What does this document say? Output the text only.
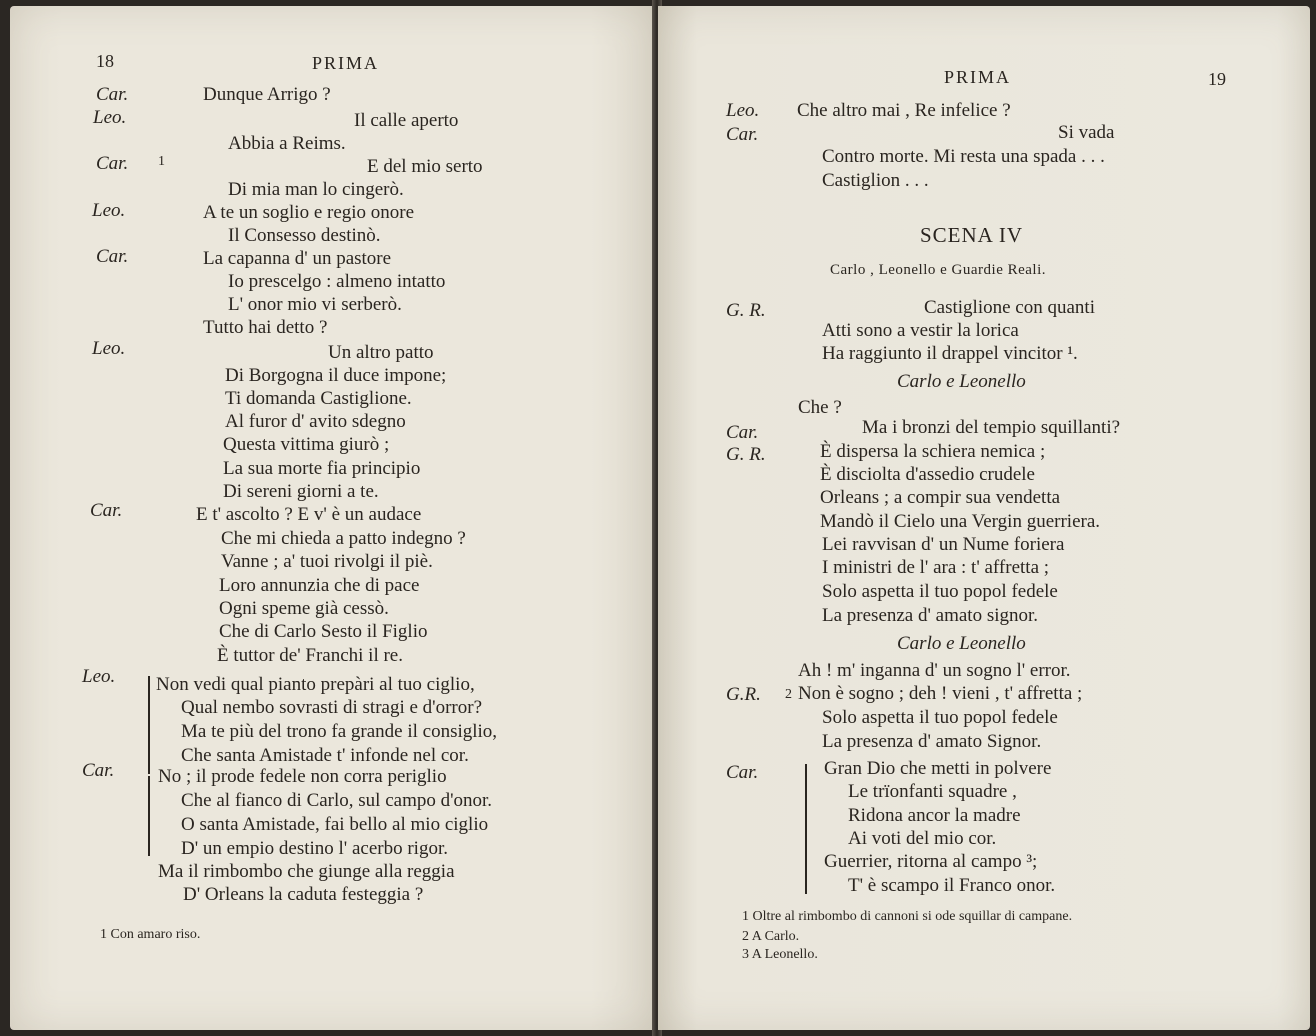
18	PRIMA
Car.	Dunque Arrigo ?
Leo.	Il calle aperto
Abbia a Reims.
Car. 1	E del mio serto
Di mia man lo cingerò.
Leo.	A te un soglio e regio onore
Il Consesso destinò.
Car.	La capanna d' un pastore
Io prescelgo : almeno intatto
L' onor mio vi serberò.
Tutto hai detto ?
Leo.	Un altro patto
Di Borgogna il duce impone;
Ti domanda Castiglione.
Al furor d' avito sdegno
Questa vittima giurò ;
La sua morte fia principio
Di sereni giorni a te.
Car.	E t' ascolto ? E v' è un audace
Che mi chieda a patto indegno ?
Vanne ; a' tuoi rivolgi il piè.
Loro annunzia che di pace
Ogni speme già cessò.
Che di Carlo Sesto il Figlio
È tuttor de' Franchi il re.
Leo. Non vedi qual pianto prepàri al tuo ciglio,
Qual nembo sovrasti di stragi e d'orror?
Ma te più del trono fa grande il consiglio,
Che santa Amistade t' infonde nel cor.
Car. No ; il prode fedele non corra periglio
Che al fianco di Carlo, sul campo d'onor.
O santa Amistade, fai bello al mio ciglio
D' un empio destino l' acerbo rigor.
Ma il rimbombo che giunge alla reggia
D' Orleans la caduta festeggia ?
1 Con amaro riso.
PRIMA	19
Leo. Che altro mai , Re infelice ?
Car.	Si vada
Contro morte. Mi resta una spada . . .
Castiglion . . .
SCENA IV
Carlo , Leonello e Guardie Reali.
G. R.	Castiglione con quanti
Atti sono a vestir la lorica
Ha raggiunto il drappel vincitor ¹.
Carlo e Leonello
Che ?
Car.	Ma i bronzi del tempio squillanti?
G. R.	È dispersa la schiera nemica ;
È disciolta d'assedio crudele
Orleans ; a compir sua vendetta
Mandò il Cielo una Vergin guerriera.
Lei ravvisan d' un Nume foriera
I ministri de l' ara : t' affretta ;
Solo aspetta il tuo popol fedele
La presenza d' amato signor.
Carlo e Leonello
Ah ! m' inganna d' un sogno l' error.
G.R. 2 Non è sogno ; deh ! vieni , t' affretta ;
Solo aspetta il tuo popol fedele
La presenza d' amato Signor.
Car.	Gran Dio che metti in polvere
Le trïonfanti squadre ,
Ridona ancor la madre
Ai voti del mio cor.
Guerrier, ritorna al campo ³;
T' è scampo il Franco onor.
1 Oltre al rimbombo di cannoni si ode squillar di campane.
2 A Carlo.
3 A Leonello.
